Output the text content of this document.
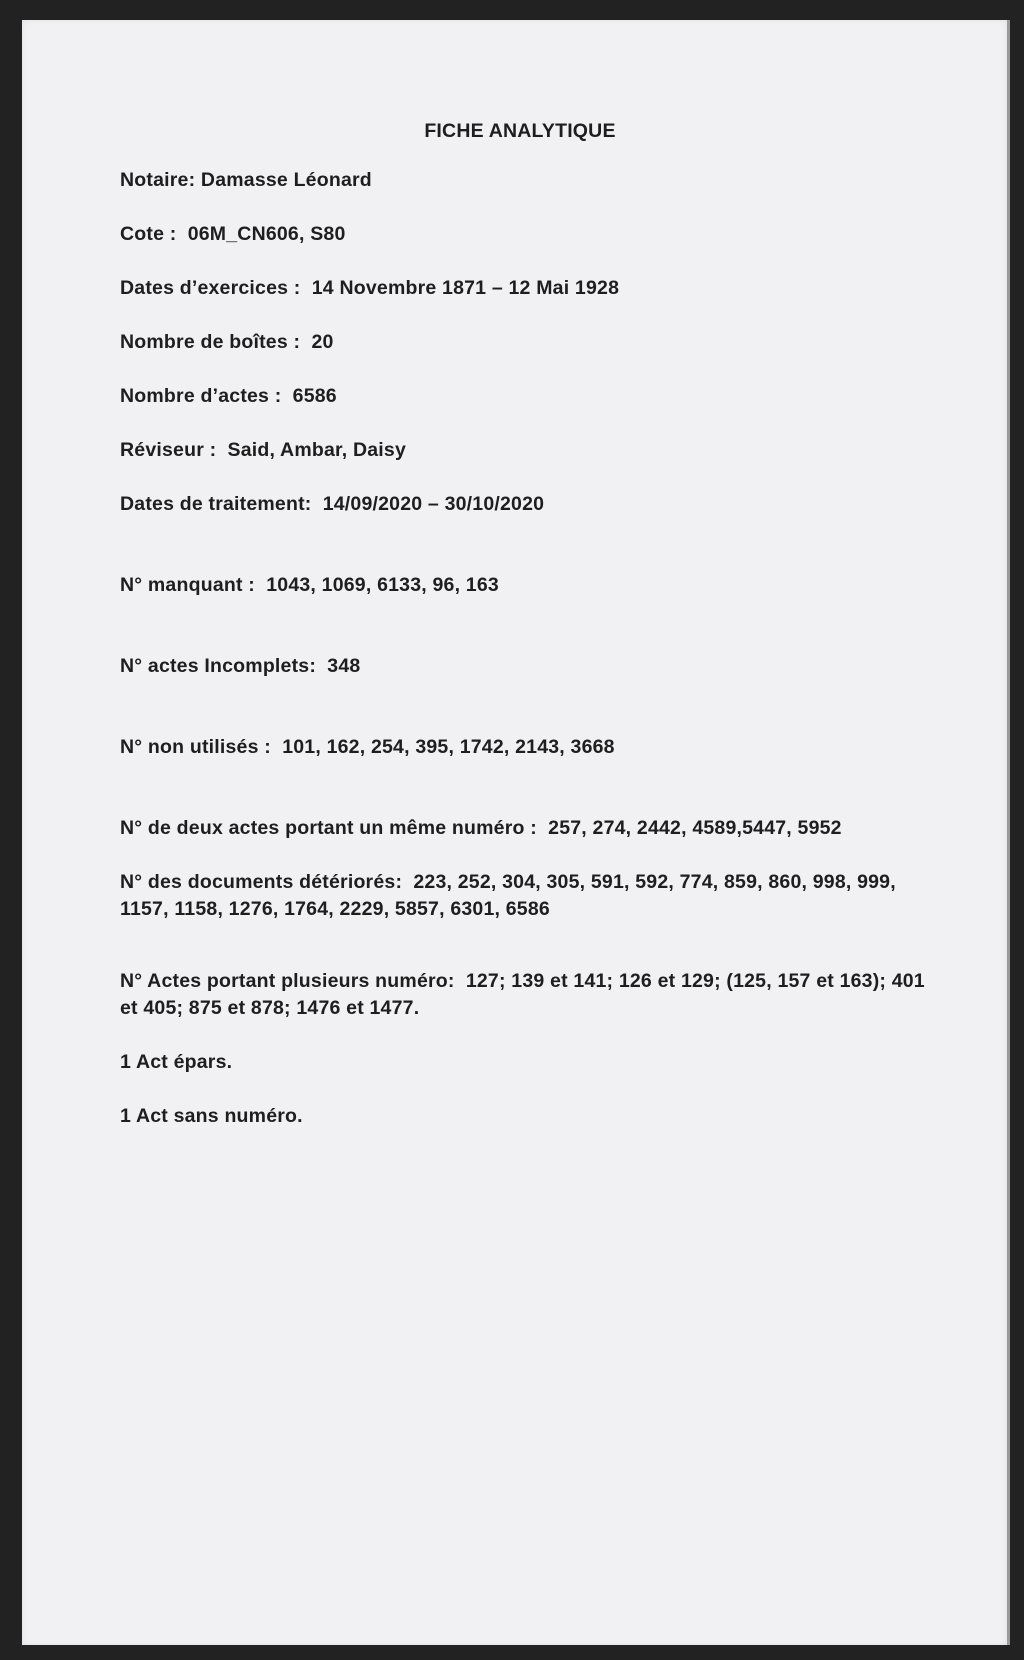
FICHE ANALYTIQUE
Notaire: Damasse Léonard
Cote : 06M_CN606, S80
Dates d’exercices : 14 Novembre 1871 – 12 Mai 1928
Nombre de boîtes : 20
Nombre d’actes : 6586
Réviseur : Said, Ambar, Daisy
Dates de traitement: 14/09/2020 – 30/10/2020
N° manquant : 1043, 1069, 6133, 96, 163
N° actes Incomplets: 348
N° non utilisés : 101, 162, 254, 395, 1742, 2143, 3668
N° de deux actes portant un même numéro : 257, 274, 2442, 4589,5447, 5952
N° des documents détériorés: 223, 252, 304, 305, 591, 592, 774, 859, 860, 998, 999, 1157, 1158, 1276, 1764, 2229, 5857, 6301, 6586
N° Actes portant plusieurs numéro: 127; 139 et 141; 126 et 129; (125, 157 et 163); 401 et 405; 875 et 878; 1476 et 1477.
1 Act épars.
1 Act sans numéro.
